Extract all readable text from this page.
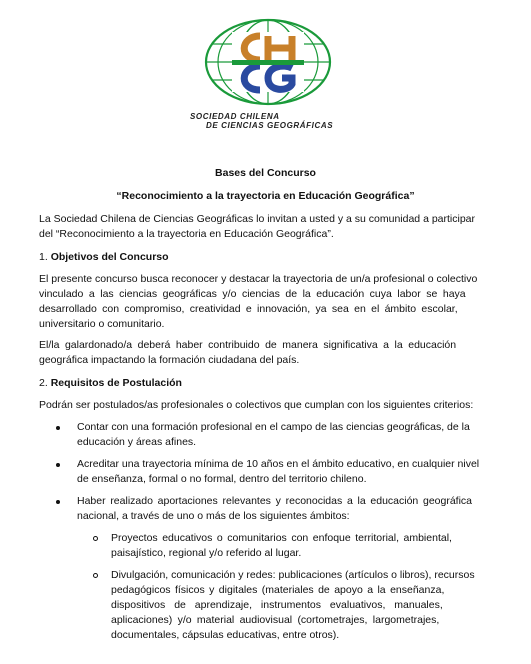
SOCIEDAD CHILENA
DE CIENCIAS GEOGRÁFICAS
Bases del Concurso
“Reconocimiento a la trayectoria en Educación Geográfica”
La Sociedad Chilena de Ciencias Geográficas lo invitan a usted y a su comunidad a participar
del “Reconocimiento a la trayectoria en Educación Geográfica”.
1. Objetivos del Concurso
El presente concurso busca reconocer y destacar la trayectoria de un/a profesional o colectivo
vinculado a las ciencias geográficas y/o ciencias de la educación cuya labor se haya
desarrollado con compromiso, creatividad e innovación, ya sea en el ámbito escolar,
universitario o comunitario.
El/la galardonado/a deberá haber contribuido de manera significativa a la educación
geográfica impactando la formación ciudadana del país.
2. Requisitos de Postulación
Podrán ser postulados/as profesionales o colectivos que cumplan con los siguientes criterios:
Contar con una formación profesional en el campo de las ciencias geográficas, de la
educación y áreas afines.
Acreditar una trayectoria mínima de 10 años en el ámbito educativo, en cualquier nivel
de enseñanza, formal o no formal, dentro del territorio chileno.
Haber realizado aportaciones relevantes y reconocidas a la educación geográfica
nacional, a través de uno o más de los siguientes ámbitos:
Proyectos educativos o comunitarios con enfoque territorial, ambiental,
paisajístico, regional y/o referido al lugar.
Divulgación, comunicación y redes: publicaciones (artículos o libros), recursos
pedagógicos físicos y digitales (materiales de apoyo a la enseñanza,
dispositivos de aprendizaje, instrumentos evaluativos, manuales,
aplicaciones) y/o material audiovisual (cortometrajes, largometrajes,
documentales, cápsulas educativas, entre otros).
